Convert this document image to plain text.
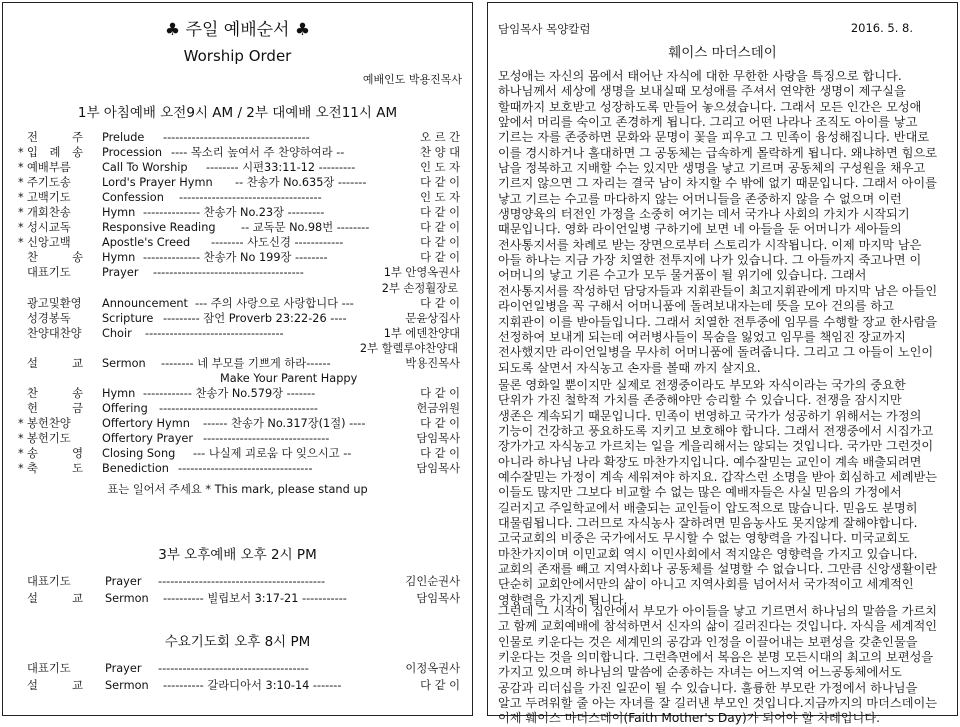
♣ 주일 예배순서 ♣
Worship Order
예배인도 박용진목사
1부 아침예배 오전9시 AM / 2부 대예배 오전11시 AM
전 주 Prelude ------------------------------------	오 르 간
* 입 례 송 Procession ---- 목소리 높여서 주 찬양하여라 --	찬 양 대
* 예배부름	Call To Worship -------- 시편33:11-12 ---------	인 도 자
* 주기도송	Lord's Prayer Hymn -- 찬송가 No.635장 -------	다 같 이
* 고백기도	Confession -----------------------------------	인 도 자
* 개회찬송	Hymn -------------- 찬송가 No.23장 ---------	다 같 이
* 성시교독	Responsive Reading -- 교독문 No.98번 --------	다 같 이
* 신앙고백	Apostle's Creed -------- 사도신경 ------------	다 같 이
찬 송 Hymn -------------- 찬송가 No 199장 --------	다 같 이
대표기도	Prayer -------------------------------------	1부 안영옥권사
2부 손정훨장로
광고및환영 Announcement --- 주의 사랑으로 사랑합니다 ---	다 같 이
성경봉독	Scripture --------- 잠언 Proverb 23:22-26 ----	문윤상집사
찬양대찬양 Choir ----------------------------------	1부 에덴찬양대
2부 할렐루야찬양대
설 교 Sermon -------- 네 부모를 기쁘게 하라------	박용진목사
Make Your Parent Happy
찬 송 Hymn ------------ 찬송가 No.579장 -------	다 같 이
헌 금 Offering ---------------------------------------	헌금위원
* 봉헌찬양	Offertory Hymn ------ 찬송가 No.317장(1절) ----	다 같 이
* 봉헌기도	Offertory Prayer -------------------------------	담임목사
* 송 영 Closing Song --- 나실제 괴로움 다 잊으시고 --	다 같 이
* 축 도 Benediction ---------------------------------	담임목사
표는 일어서 주세요 * This mark, please stand up
3부 오후예배 오후 2시 PM
대표기도	Prayer -----------------------------------------	김인순권사
설 교 Sermon ---------- 빌립보서 3:17-21 -----------	담임목사
수요기도회 오후 8시 PM
대표기도	Prayer -------------------------------------	이정옥권사
설 교 Sermon ---------- 갈라디아서 3:10-14 -------	다 같 이
담임목사 목양칼럼	2016. 5. 8.
훼이스 마더스데이
모성애는 자신의 몸에서 태어난 자식에 대한 무한한 사랑을 특징으로 합니다.
하나님께서 세상에 생명을 보내실때 모성애를 주셔서 연약한 생명이 제구실을
할때까지 보호받고 성장하도록 만들어 놓으셨습니다. 그래서 모든 인간은 모성애
앞에서 머리를 숙이고 존경하게 됩니다. 그리고 어떤 나라나 조직도 아이를 낳고
기르는 자를 존중하면 문화와 문명이 꽃을 피우고 그 민족이 융성해집니다. 반대로
이를 경시하거나 홀대하면 그 공동체는 급속하게 몰락하게 됩니다. 왜냐하면 힘으로
남을 정복하고 지배할 수는 있지만 생명을 낳고 기르며 공동체의 구성원을 채우고
기르지 않으면 그 자리는 결국 남이 차지할 수 밖에 없기 때문입니다. 그래서 아이를
낳고 기르는 수고를 마다하지 않는 어머니들을 존중하지 않을 수 없으며 이런
생명양육의 터전인 가정을 소중히 여기는 데서 국가나 사회의 가치가 시작되기
때문입니다. 영화 라이언일병 구하기에 보면 네 아들을 둔 어머니가 세아들의
전사통지서를 차례로 받는 장면으로부터 스토리가 시작됩니다. 이제 마지막 남은
아들 하나는 지금 가장 치열한 전투지에 나가 있습니다. 그 아들까지 죽고나면 이
어머니의 낳고 기른 수고가 모두 물거품이 될 위기에 있습니다. 그래서
전사통지서를 작성하던 담당자들과 지휘관들이 최고지휘관에게 마지막 남은 아들인
라이언일병을 꼭 구해서 어머니품에 돌려보내자는데 뜻을 모아 건의를 하고
지휘관이 이를 받아들입니다. 그래서 치열한 전투중에 임무를 수행할 장교 한사람을
선정하여 보내게 되는데 여러병사들이 목숨을 잃었고 임무를 책임진 장교까지
전사했지만 라이언일병을 무사히 어머니품에 돌려줍니다. 그리고 그 아들이 노인이
되도록 살면서 자식농고 손자를 볼때 까지 살지요.
물론 영화일 뿐이지만 실제로 전쟁중이라도 부모와 자식이라는 국가의 중요한
단위가 가진 철학적 가치를 존중해야만 승리할 수 있습니다. 전쟁을 잠시지만
생존은 계속되기 때문입니다. 민족이 번영하고 국가가 성공하기 위해서는 가정의
기능이 건강하고 풍요하도록 지키고 보호해야 합니다. 그래서 전쟁중에서 시집가고
장가가고 자식농고 가르치는 일을 게을리해서는 않되는 것입니다. 국가만 그런것이
아니라 하나님 나라 확장도 마찬가지입니다. 예수잘믿는 교인이 계속 배출되려면
예수잘믿는 가정이 계속 세워져야 하지요. 갑작스런 소명을 받아 회심하고 세례받는
이들도 많지만 그보다 비교할 수 없는 많은 예배자들은 사실 믿음의 가정에서
길러지고 주일학교에서 배출되는 교인들이 압도적으로 많습니다. 믿음도 분명히
대물림됩니다. 그러므로 자식농사 잘하려면 믿음농사도 못지않게 잘해야합니다.
고국교회의 비중은 국가에서도 무시할 수 없는 영향력을 가집니다. 미국교회도
마찬가지이며 이민교회 역시 이민사회에서 적지않은 영향력을 가지고 있습니다.
교회의 존재를 빼고 지역사회나 공동체를 설명할 수 없습니다. 그만큼 신앙생활이란
단순히 교회안에서만의 삶이 아니고 지역사회를 넘어서서 국가적이고 세계적인
영향력을 가지게 됩니다.
그런데 그 시작이 집안에서 부모가 아이들을 낳고 기르면서 하나님의 말씀을 가르치
고 함께 교회예배에 참석하면서 신자의 삶이 길러진다는 것입니다. 자식을 세계적인
인물로 키운다는 것은 세계민의 공감과 인정을 이끌어내는 보편성을 갖춘인물을
키운다는 것을 의미합니다. 그런측면에서 복음은 분명 모든시대의 최고의 보편성을
가지고 있으며 하나님의 말씀에 순종하는 자녀는 어느지역 어느공동체에서도
공감과 리더십을 가진 일꾼이 될 수 있습니다. 훌륭한 부모란 가정에서 하나님을
알고 두려워할 줄 아는 자녀를 잘 길러낸 부모인 것입니다.지금까지의 마더스데이는
이제 훼이스 마더스데이(Faith Mother's Day)가 되어야 할 차례입니다.
